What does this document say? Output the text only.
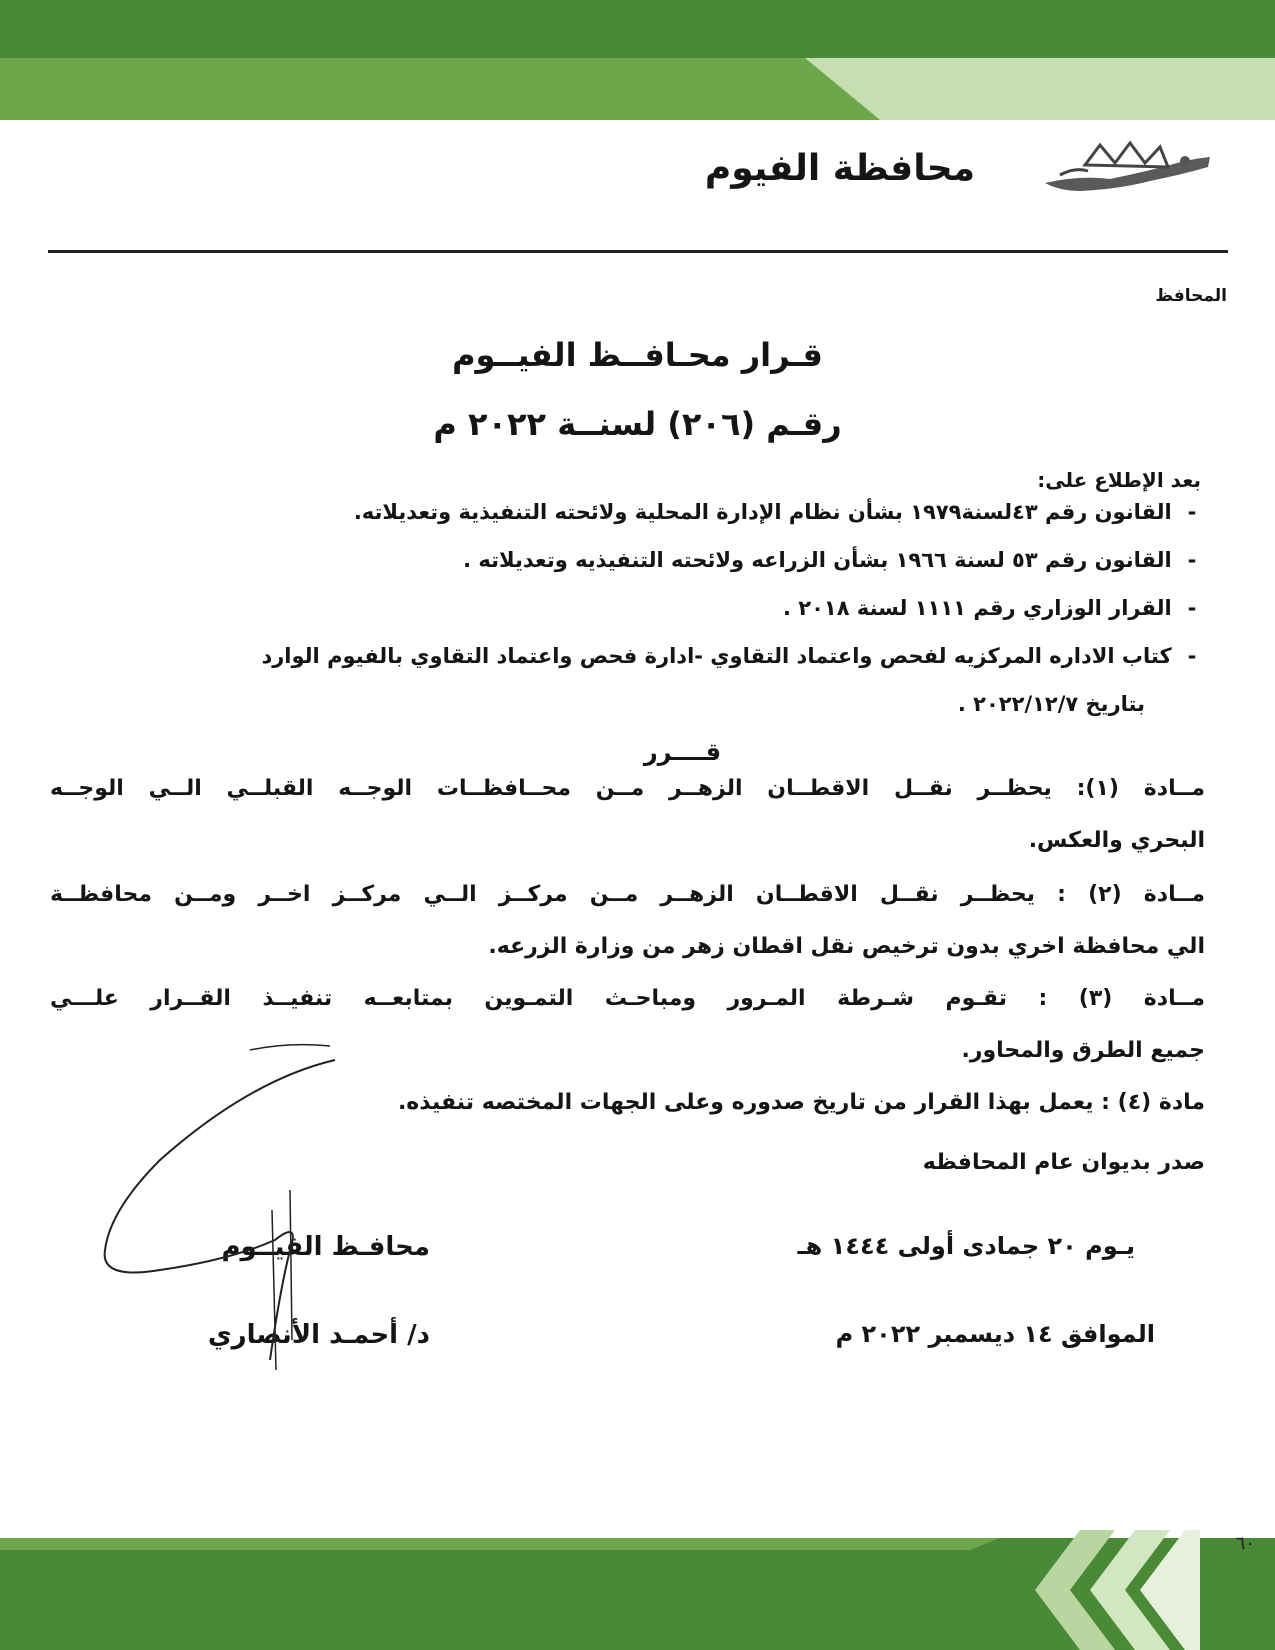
محافظة الفيوم
المحافظ
قـرار محـافــظ الفيــوم
رقـم (٢٠٦) لسنــة ٢٠٢٢ م
بعد الإطلاع على:
- القانون رقم ٤٣لسنة١٩٧٩ بشأن نظام الإدارة المحلية ولائحته التنفيذية وتعديلاته.
- القانون رقم ٥٣ لسنة ١٩٦٦ بشأن الزراعه ولائحته التنفيذيه وتعديلاته .
- القرار الوزاري رقم ١١١١ لسنة ٢٠١٨ .
- كتاب الاداره المركزيه لفحص واعتماد التقاوي -ادارة فحص واعتماد التقاوي بالفيوم الوارد
بتاريخ ٢٠٢٢/١٢/٧ .
قــــرر
مــادة (١): يحظــر نقــل الاقطــان الزهــر مــن محــافظــات الوجــه القبلــي الــي الوجــه
البحري والعكس.
مــادة (٢) : يحظــر نقــل الاقطــان الزهــر مــن مركــز الــي مركــز اخــر ومــن محافظــة
الي محافظة اخري بدون ترخيص نقل اقطان زهر من وزارة الزرعه.
مــادة (٣) : تقـوم شـرطة المـرور ومباحـث التمـوين بمتابعــه تنفيــذ القــرار علـــي
جميع الطرق والمحاور.
مادة (٤) : يعمل بهذا القرار من تاريخ صدوره وعلى الجهات المختصه تنفيذه.
صدر بديوان عام المحافظه
يـوم ٢٠ جمادى أولى ١٤٤٤ هـ
الموافق ١٤ ديسمبر ٢٠٢٢ م
محافـظ الفيــوم
د/ أحمـد الأنصاري
٦٠
